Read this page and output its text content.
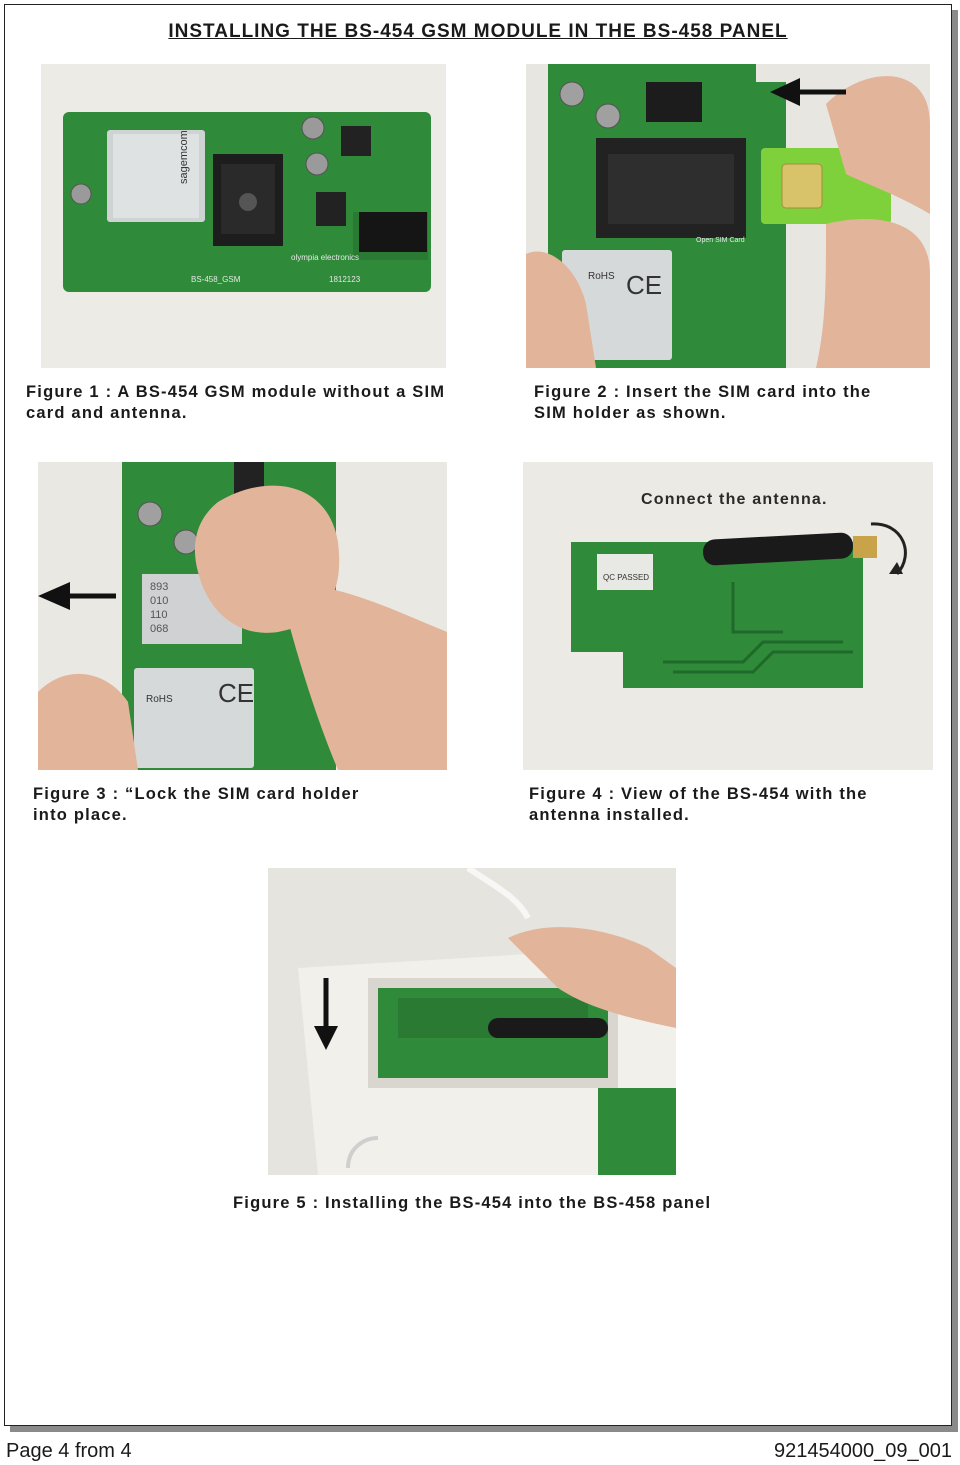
INSTALLING THE BS-454 GSM MODULE IN THE BS-458 PANEL
sagemcom
olympia electronics
BS-458_GSM	1812123
Figure 1 : A BS-454 GSM module without a SIM
card and antenna.
RoHS CE
Open SIM Card
Figure 2 : Insert the SIM card into the
SIM holder as shown.
893
010
110
068
RoHS CE
Figure 3 : “Lock the SIM card holder
into place.
Connect the antenna.
QC PASSED
Figure 4 : View of the BS-454 with the
antenna installed.
Figure 5 : Installing the BS-454 into the BS-458 panel
Page 4 from 4	921454000_09_001
